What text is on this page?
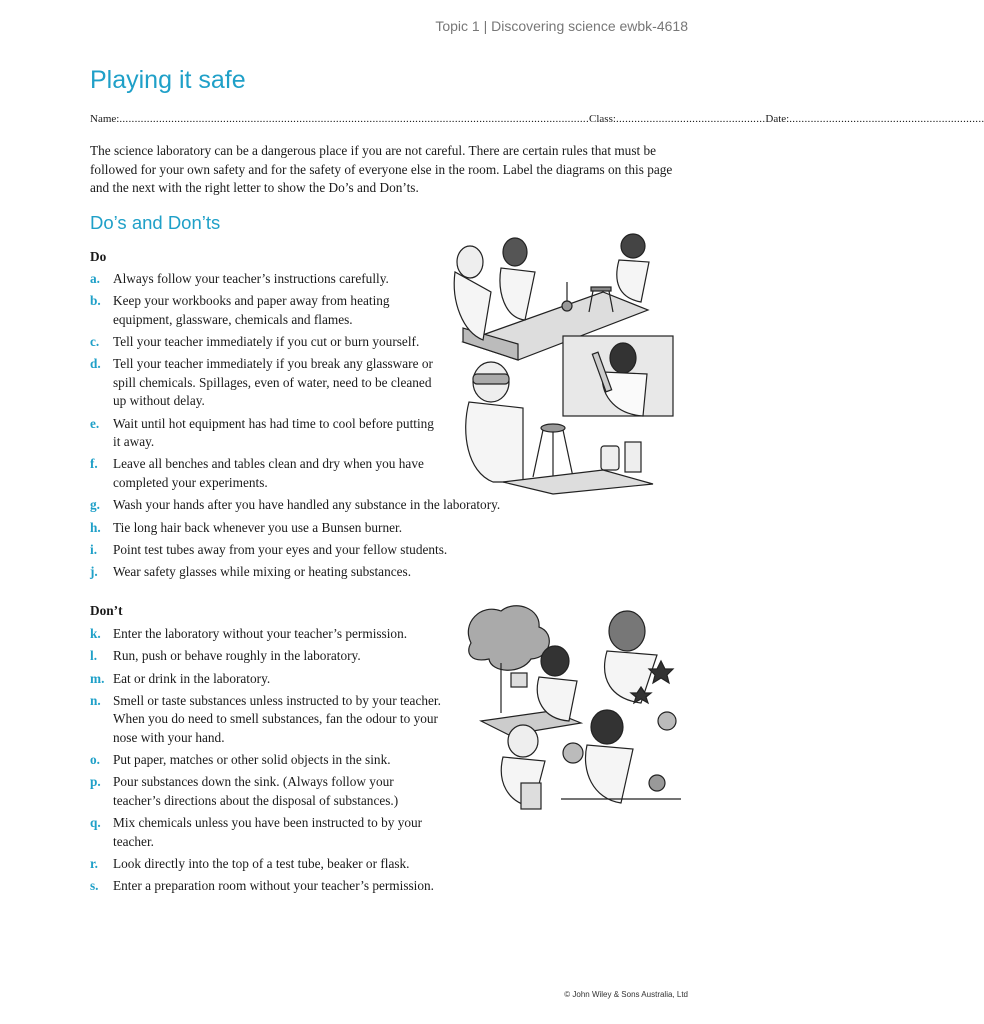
Topic 1 | Discovering science ewbk-4618
Playing it safe
Name: .......................................................................................................................................................... Class: ................................................. Date: ................................................................

The science laboratory can be a dangerous place if you are not careful. There are certain rules that must be followed for your own safety and for the safety of everyone else in the room. Label the diagrams on this page and the next with the right letter to show the Do’s and Don’ts.

Do’s and Don’ts
Do
a. Always follow your teacher’s instructions carefully.
b. Keep your workbooks and paper away from heating equipment, glassware, chemicals and flames.
c.	Tell your teacher immediately if you cut or burn yourself.
d. Tell your teacher immediately if you break any glassware or spill chemicals. Spillages, even of water, need to be cleaned up without delay.
e.	Wait until hot equipment has had time to cool before putting it away.
f.	Leave all benches and tables clean and dry when you have completed your experiments.
g. Wash your hands after you have handled any substance in the laboratory.
h. Tie long hair back whenever you use a Bunsen burner.
i.	Point test tubes away from your eyes and your fellow students.
j.	Wear safety glasses while mixing or heating substances.
Don’t
k. Enter the laboratory without your teacher’s permission.
l.	Run, push or behave roughly in the laboratory.
m. Eat or drink in the laboratory.
n. Smell or taste substances unless instructed to by your teacher. When you do need to smell substances, fan the odour to your nose with your hand.
o. Put paper, matches or other solid objects in the sink.
p. Pour substances down the sink. (Always follow your teacher’s directions about the disposal of substances.)
q. Mix chemicals unless you have been instructed to by your teacher.
r.	Look directly into the top of a test tube, beaker or flask.
s.	Enter a preparation room without your teacher’s permission.
© John Wiley & Sons Australia, Ltd
